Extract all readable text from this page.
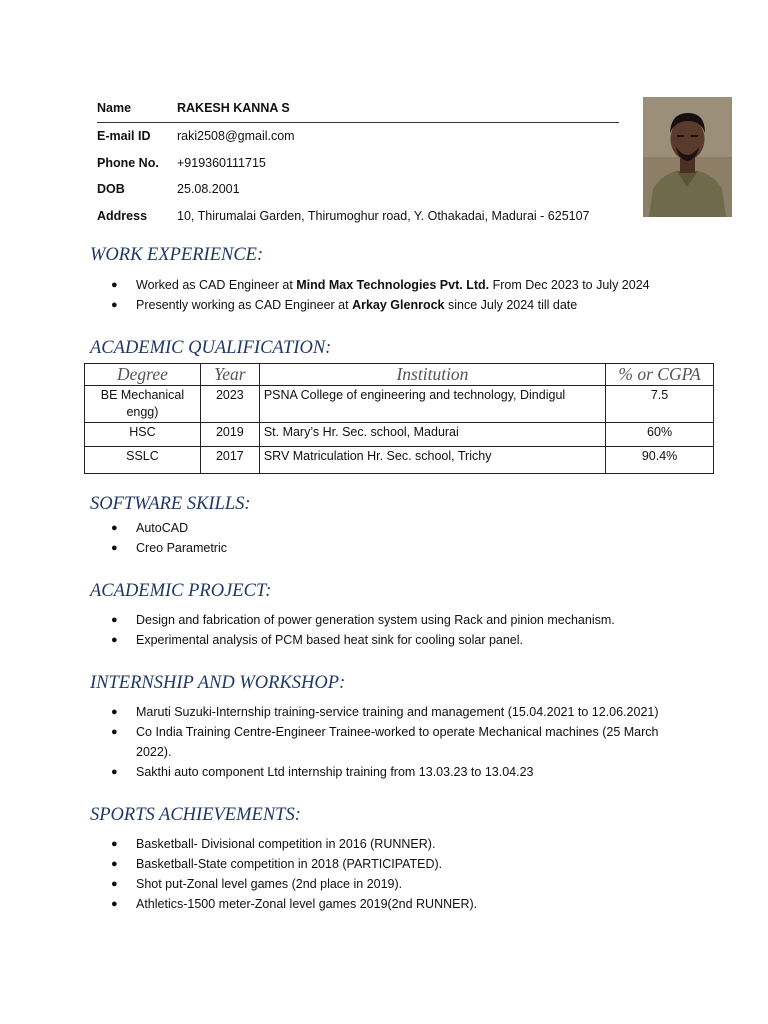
Name	RAKESH KANNA S
E-mail ID	raki2508@gmail.com
Phone No.	+919360111715
DOB	25.08.2001
Address	10, Thirumalai Garden, Thirumoghur road, Y. Othakadai, Madurai - 625107
WORK EXPERIENCE:
● Worked as CAD Engineer at Mind Max Technologies Pvt. Ltd. From Dec 2023 to July 2024
● Presently working as CAD Engineer at Arkay Glenrock since July 2024 till date
ACADEMIC QUALIFICATION:
Degree	Year	Institution	% or CGPA
BE Mechanical engg)	2023	PSNA College of engineering and technology, Dindigul	7.5
HSC	2019	St. Mary’s Hr. Sec. school, Madurai	60%
SSLC	2017	SRV Matriculation Hr. Sec. school, Trichy	90.4%
SOFTWARE SKILLS:
● AutoCAD
● Creo Parametric
ACADEMIC PROJECT:
● Design and fabrication of power generation system using Rack and pinion mechanism.
● Experimental analysis of PCM based heat sink for cooling solar panel.
INTERNSHIP AND WORKSHOP:
● Maruti Suzuki-Internship training-service training and management (15.04.2021 to 12.06.2021)
● Co India Training Centre-Engineer Trainee-worked to operate Mechanical machines (25 March 2022).
● Sakthi auto component Ltd internship training from 13.03.23 to 13.04.23
SPORTS ACHIEVEMENTS:
● Basketball- Divisional competition in 2016 (RUNNER).
● Basketball-State competition in 2018 (PARTICIPATED).
● Shot put-Zonal level games (2nd place in 2019).
● Athletics-1500 meter-Zonal level games 2019(2nd RUNNER).
